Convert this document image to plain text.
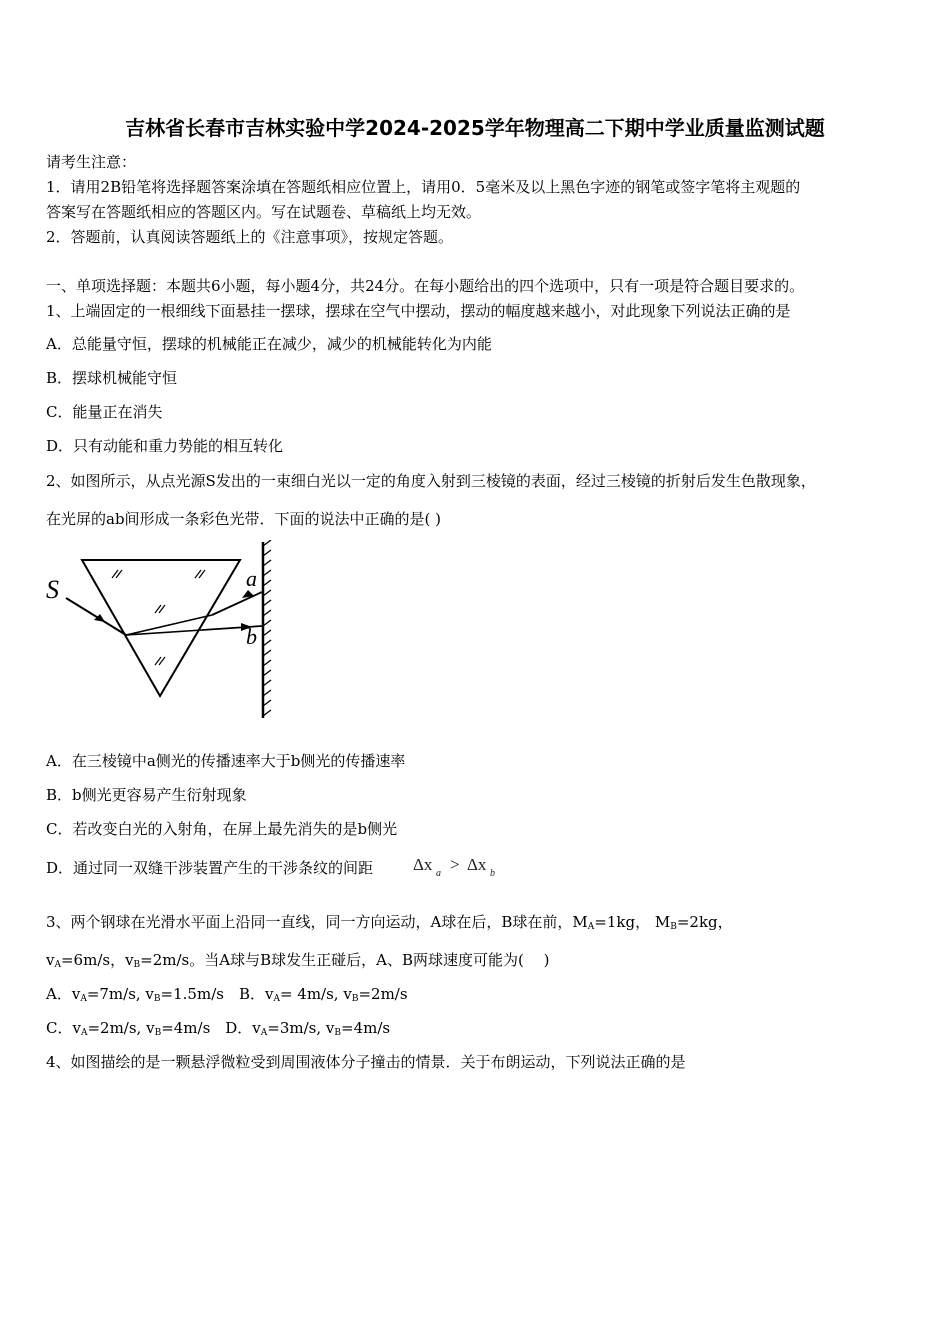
吉林省长春市吉林实验中学2024-2025学年物理高二下期中学业质量监测试题
请考生注意：
1．请用2B铅笔将选择题答案涂填在答题纸相应位置上，请用0．5毫米及以上黑色字迹的钢笔或签字笔将主观题的
答案写在答题纸相应的答题区内。写在试题卷、草稿纸上均无效。
2．答题前，认真阅读答题纸上的《注意事项》，按规定答题。
一、单项选择题：本题共6小题，每小题4分，共24分。在每小题给出的四个选项中，只有一项是符合题目要求的。
1、上端固定的一根细线下面悬挂一摆球，摆球在空气中摆动，摆动的幅度越来越小，对此现象下列说法正确的是
A．总能量守恒，摆球的机械能正在减少，减少的机械能转化为内能
B．摆球机械能守恒
C．能量正在消失
D．只有动能和重力势能的相互转化
2、如图所示，从点光源S发出的一束细白光以一定的角度入射到三棱镜的表面，经过三棱镜的折射后发生色散现象，
在光屏的ab间形成一条彩色光带．下面的说法中正确的是( )
S	a
b
A．在三棱镜中a侧光的传播速率大于b侧光的传播速率
B．b侧光更容易产生衍射现象
C．若改变白光的入射角，在屏上最先消失的是b侧光
D．通过同一双缝干涉装置产生的干涉条纹的间距 Δx a > Δx b
3、两个钢球在光滑水平面上沿同一直线，同一方向运动，A球在后，B球在前，$M_A=1kg$， $M_B=2kg$，
$v_A=6m/s$，$v_B=2m/s$。当A球与B球发生正碰后，A、B两球速度可能为(　 )
A．$v_A=7m/s$, $v_B=1.5m/s$　B．$v_A= 4m/s$, $v_B=2m/s$
C．$v_A=2m/s$, $v_B=4m/s$　D．$v_A=3m/s$, $v_B=4m/s$
4、如图描绘的是一颗悬浮微粒受到周围液体分子撞击的情景．关于布朗运动，下列说法正确的是
